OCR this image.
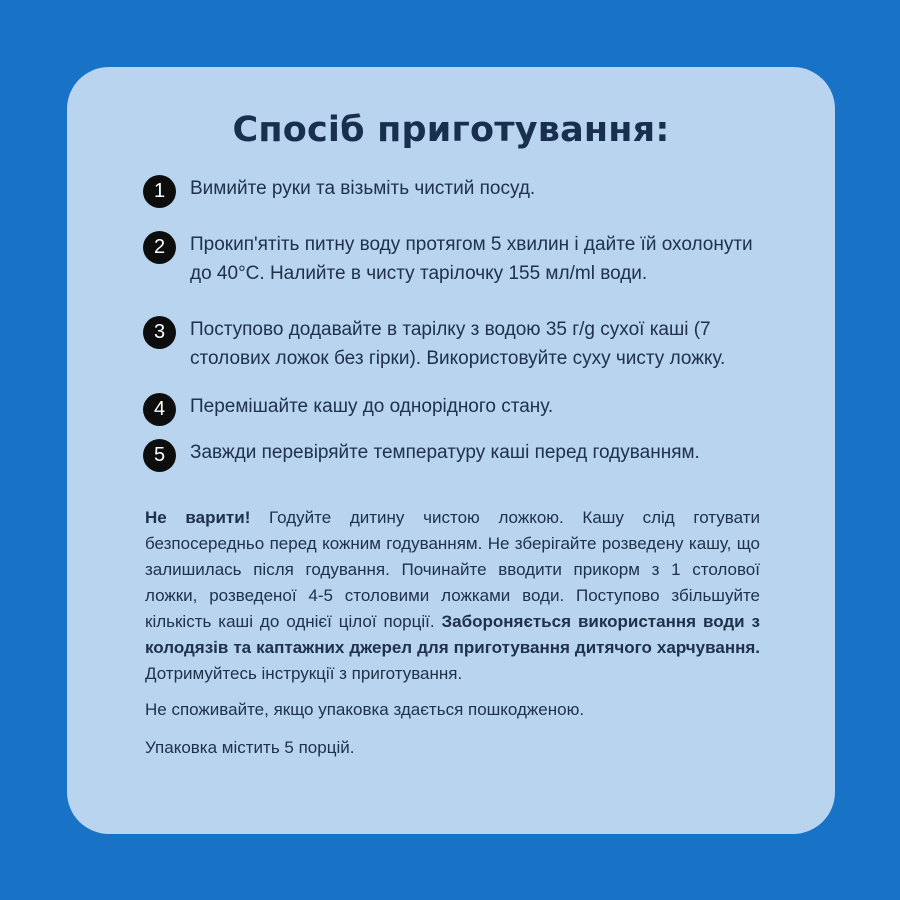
Спосіб приготування:
1	Вимийте руки та візьміть чистий посуд.
2	Прокип'ятіть питну воду протягом 5 хвилин і дайте їй охолонути до 40°C. Налийте в чисту тарілочку 155 мл/ml води.
3	Поступово додавайте в тарілку з водою 35 г/g сухої каші (7 столових ложок без гірки). Використовуйте суху чисту ложку.
4	Перемішайте кашу до однорідного стану.
5	Завжди перевіряйте температуру каші перед годуванням.

Не варити! Годуйте дитину чистою ложкою. Кашу слід готувати безпосередньо перед кожним годуванням. Не зберігайте розведену кашу, що залишилась після годування. Починайте вводити прикорм з 1 столової ложки, розведеної 4-5 столовими ложками води. Поступово збільшуйте кількість каші до однієї цілої порції. Забороняється використання води з колодязів та каптажних джерел для приготування дитячого харчування. Дотримуйтесь інструкції з приготування.

Не споживайте, якщо упаковка здається пошкодженою.

Упаковка містить 5 порцій.
